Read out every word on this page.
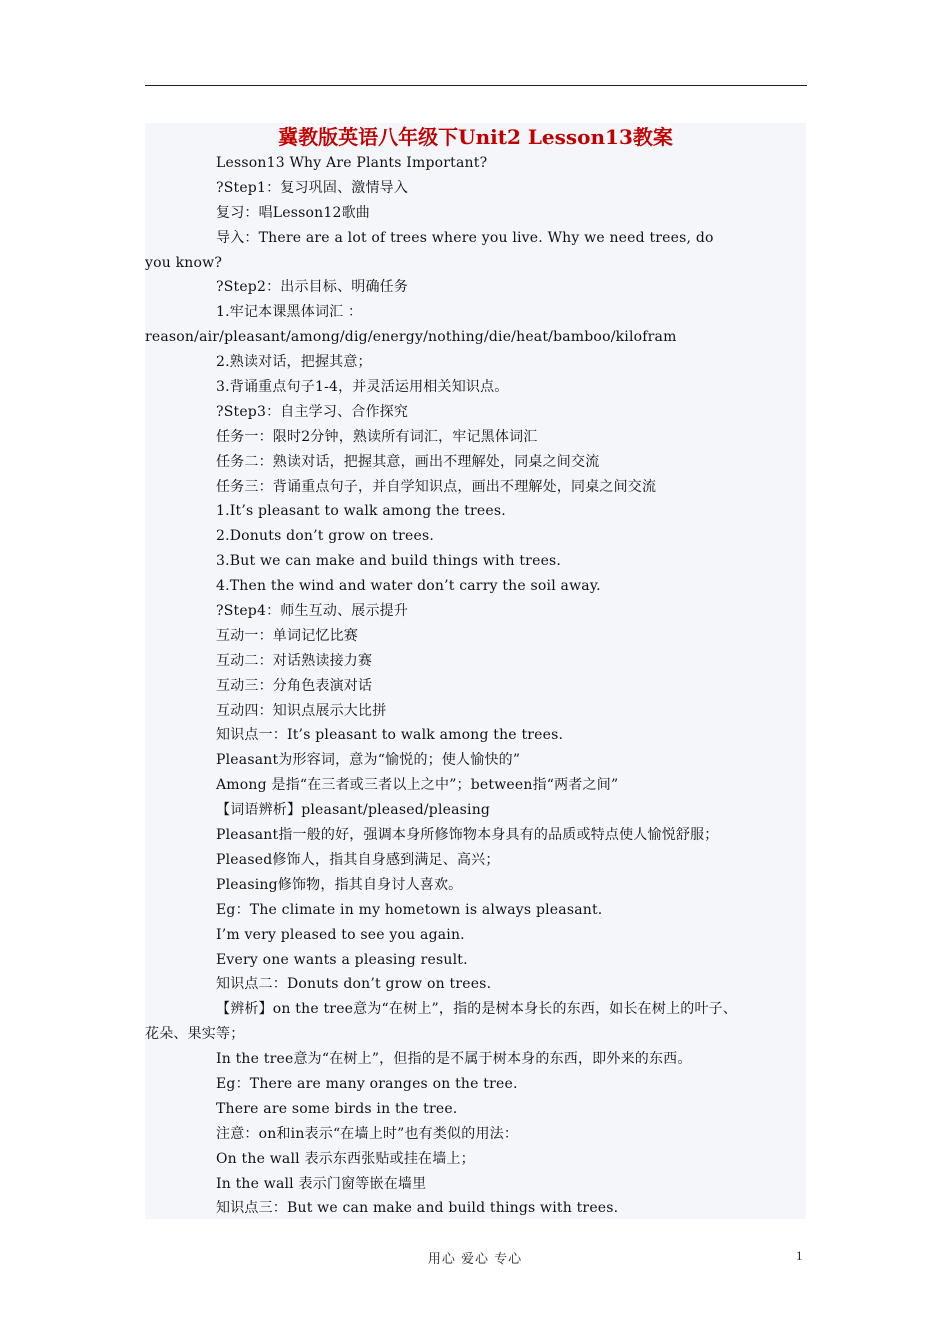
冀教版英语八年级下Unit2 Lesson13教案
Lesson13 Why Are Plants Important?
?Step1：复习巩固、激情导入
复习：唱Lesson12歌曲
导入：There are a lot of trees where you live. Why we need trees, do
you know?
?Step2：出示目标、明确任务
1.牢记本课黑体词汇 ：
reason/air/pleasant/among/dig/energy/nothing/die/heat/bamboo/kilofram
2.熟读对话，把握其意；
3.背诵重点句子1-4，并灵活运用相关知识点。
?Step3：自主学习、合作探究
任务一：限时2分钟，熟读所有词汇，牢记黑体词汇
任务二：熟读对话，把握其意，画出不理解处，同桌之间交流
任务三：背诵重点句子，并自学知识点，画出不理解处，同桌之间交流
1.It’s pleasant to walk among the trees.
2.Donuts don’t grow on trees.
3.But we can make and build things with trees.
4.Then the wind and water don’t carry the soil away.
?Step4：师生互动、展示提升
互动一：单词记忆比赛
互动二：对话熟读接力赛
互动三：分角色表演对话
互动四：知识点展示大比拼
知识点一：It’s pleasant to walk among the trees.
Pleasant为形容词，意为“愉悦的；使人愉快的”
Among 是指“在三者或三者以上之中”；between指“两者之间”
【词语辨析】pleasant/pleased/pleasing
Pleasant指一般的好，强调本身所修饰物本身具有的品质或特点使人愉悦舒服；
Pleased修饰人，指其自身感到满足、高兴；
Pleasing修饰物，指其自身讨人喜欢。
Eg：The climate in my hometown is always pleasant.
I’m very pleased to see you again.
Every one wants a pleasing result.
知识点二：Donuts don’t grow on trees.
【辨析】on the tree意为“在树上”，指的是树本身长的东西，如长在树上的叶子、
花朵、果实等；
In the tree意为“在树上”，但指的是不属于树本身的东西，即外来的东西。
Eg：There are many oranges on the tree.
There are some birds in the tree.
注意：on和in表示“在墙上时”也有类似的用法：
On the wall 表示东西张贴或挂在墙上；
In the wall 表示门窗等嵌在墙里
知识点三：But we can make and build things with trees.
用心 爱心 专心	1
